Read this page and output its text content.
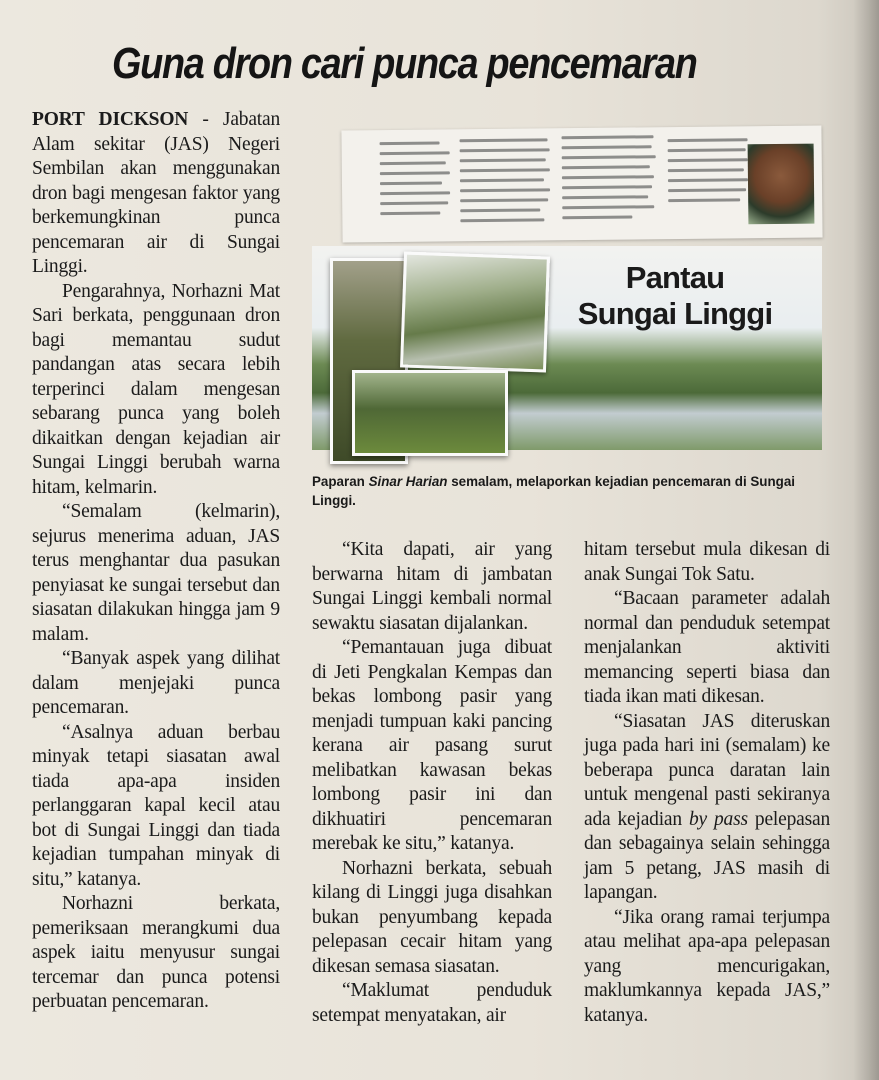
Guna dron cari punca pencemaran

PORT DICKSON - Jabatan Alam sekitar (JAS) Negeri Sembilan akan menggunakan dron bagi mengesan faktor yang berkemungkinan punca pencemaran air di Sungai Linggi.

Pengarahnya, Norhazni Mat Sari berkata, penggunaan dron bagi memantau sudut pandangan atas secara lebih terperinci dalam mengesan sebarang punca yang boleh dikaitkan dengan kejadian air Sungai Linggi berubah warna hitam, kelmarin.

“Semalam (kelmarin), sejurus menerima aduan, JAS terus menghantar dua pasukan penyiasat ke sungai tersebut dan siasatan dilakukan hingga jam 9 malam.

“Banyak aspek yang dilihat dalam menjejaki punca pencemaran.

“Asalnya aduan berbau minyak tetapi siasatan awal tiada apa-apa insiden perlanggaran kapal kecil atau bot di Sungai Linggi dan tiada kejadian tumpahan minyak di situ,” katanya.

Norhazni berkata, pemeriksaan merangkumi dua aspek iaitu menyusur sungai tercemar dan punca potensi perbuatan pencemaran.

Pantau
Sungai Linggi
Paparan Sinar Harian semalam, melaporkan kejadian pencemaran di Sungai Linggi.

“Kita dapati, air yang berwarna hitam di jambatan Sungai Linggi kembali normal sewaktu siasatan dijalankan.

“Pemantauan juga dibuat di Jeti Pengkalan Kempas dan bekas lombong pasir yang menjadi tumpuan kaki pancing kerana air pasang surut melibatkan kawasan bekas lombong pasir ini dan dikhuatiri pencemaran merebak ke situ,” katanya.

Norhazni berkata, sebuah kilang di Linggi juga disahkan bukan penyumbang kepada pelepasan cecair hitam yang dikesan semasa siasatan.

“Maklumat penduduk setempat menyatakan, air

hitam tersebut mula dikesan di anak Sungai Tok Satu.

“Bacaan parameter adalah normal dan penduduk setempat menjalankan aktiviti memancing seperti biasa dan tiada ikan mati dikesan.

“Siasatan JAS diteruskan juga pada hari ini (semalam) ke beberapa punca daratan lain untuk mengenal pasti sekiranya ada kejadian by pass pelepasan dan sebagainya selain sehingga jam 5 petang, JAS masih di lapangan.

“Jika orang ramai terjumpa atau melihat apa-apa pelepasan yang mencurigakan, maklumkannya kepada JAS,” katanya.
